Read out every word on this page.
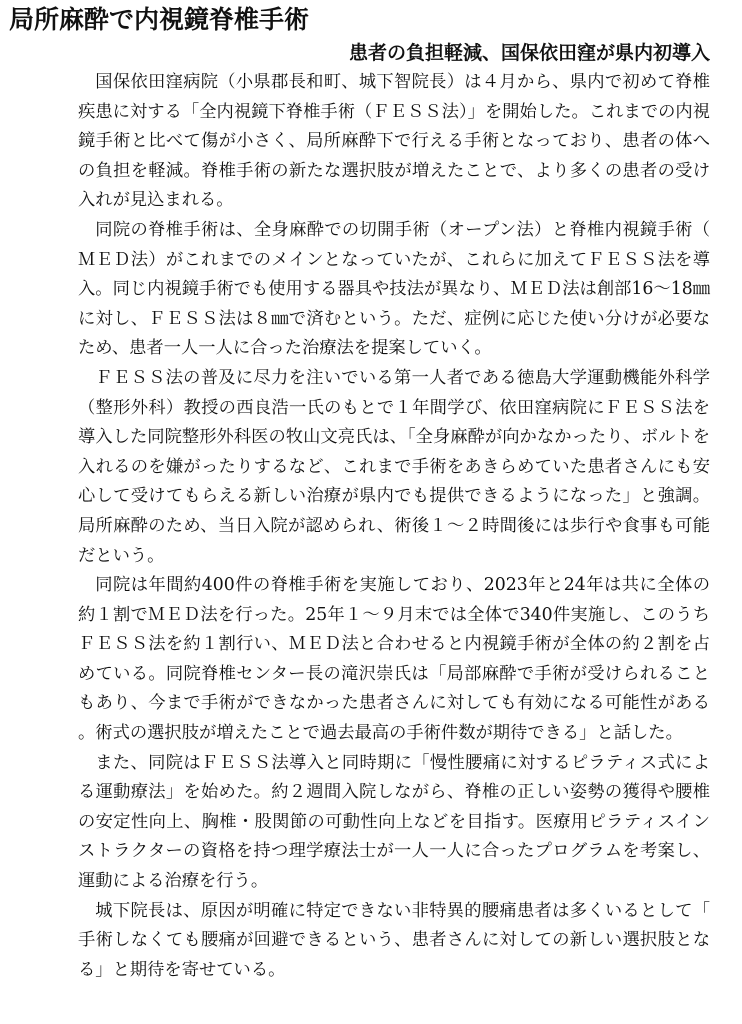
局所麻酔で内視鏡脊椎手術
患者の負担軽減、国保依田窪が県内初導入

国保依田窪病院（小県郡長和町、城下智院長）は４月から、県内で初めて脊椎疾患に対する「全内視鏡下脊椎手術（ＦＥＳＳ法）」を開始した。これまでの内視鏡手術と比べて傷が小さく、局所麻酔下で行える手術となっており、患者の体への負担を軽減。脊椎手術の新たな選択肢が増えたことで、より多くの患者の受け入れが見込まれる。

同院の脊椎手術は、全身麻酔での切開手術（オープン法）と脊椎内視鏡手術（ＭＥＤ法）がこれまでのメインとなっていたが、これらに加えてＦＥＳＳ法を導入。同じ内視鏡手術でも使用する器具や技法が異なり、ＭＥＤ法は創部16〜18㎜に対し、ＦＥＳＳ法は８㎜で済むという。ただ、症例に応じた使い分けが必要なため、患者一人一人に合った治療法を提案していく。

ＦＥＳＳ法の普及に尽力を注いでいる第一人者である徳島大学運動機能外科学（整形外科）教授の西良浩一氏のもとで１年間学び、依田窪病院にＦＥＳＳ法を導入した同院整形外科医の牧山文亮氏は、「全身麻酔が向かなかったり、ボルトを入れるのを嫌がったりするなど、これまで手術をあきらめていた患者さんにも安心して受けてもらえる新しい治療が県内でも提供できるようになった」と強調。局所麻酔のため、当日入院が認められ、術後１〜２時間後には歩行や食事も可能だという。

同院は年間約400件の脊椎手術を実施しており、2023年と24年は共に全体の約１割でＭＥＤ法を行った。25年１〜９月末では全体で340件実施し、このうちＦＥＳＳ法を約１割行い、ＭＥＤ法と合わせると内視鏡手術が全体の約２割を占めている。同院脊椎センター長の滝沢崇氏は「局部麻酔で手術が受けられることもあり、今まで手術ができなかった患者さんに対しても有効になる可能性がある。術式の選択肢が増えたことで過去最高の手術件数が期待できる」と話した。

また、同院はＦＥＳＳ法導入と同時期に「慢性腰痛に対するピラティス式による運動療法」を始めた。約２週間入院しながら、脊椎の正しい姿勢の獲得や腰椎の安定性向上、胸椎・股関節の可動性向上などを目指す。医療用ピラティスインストラクターの資格を持つ理学療法士が一人一人に合ったプログラムを考案し、運動による治療を行う。

城下院長は、原因が明確に特定できない非特異的腰痛患者は多くいるとして「手術しなくても腰痛が回避できるという、患者さんに対しての新しい選択肢となる」と期待を寄せている。
